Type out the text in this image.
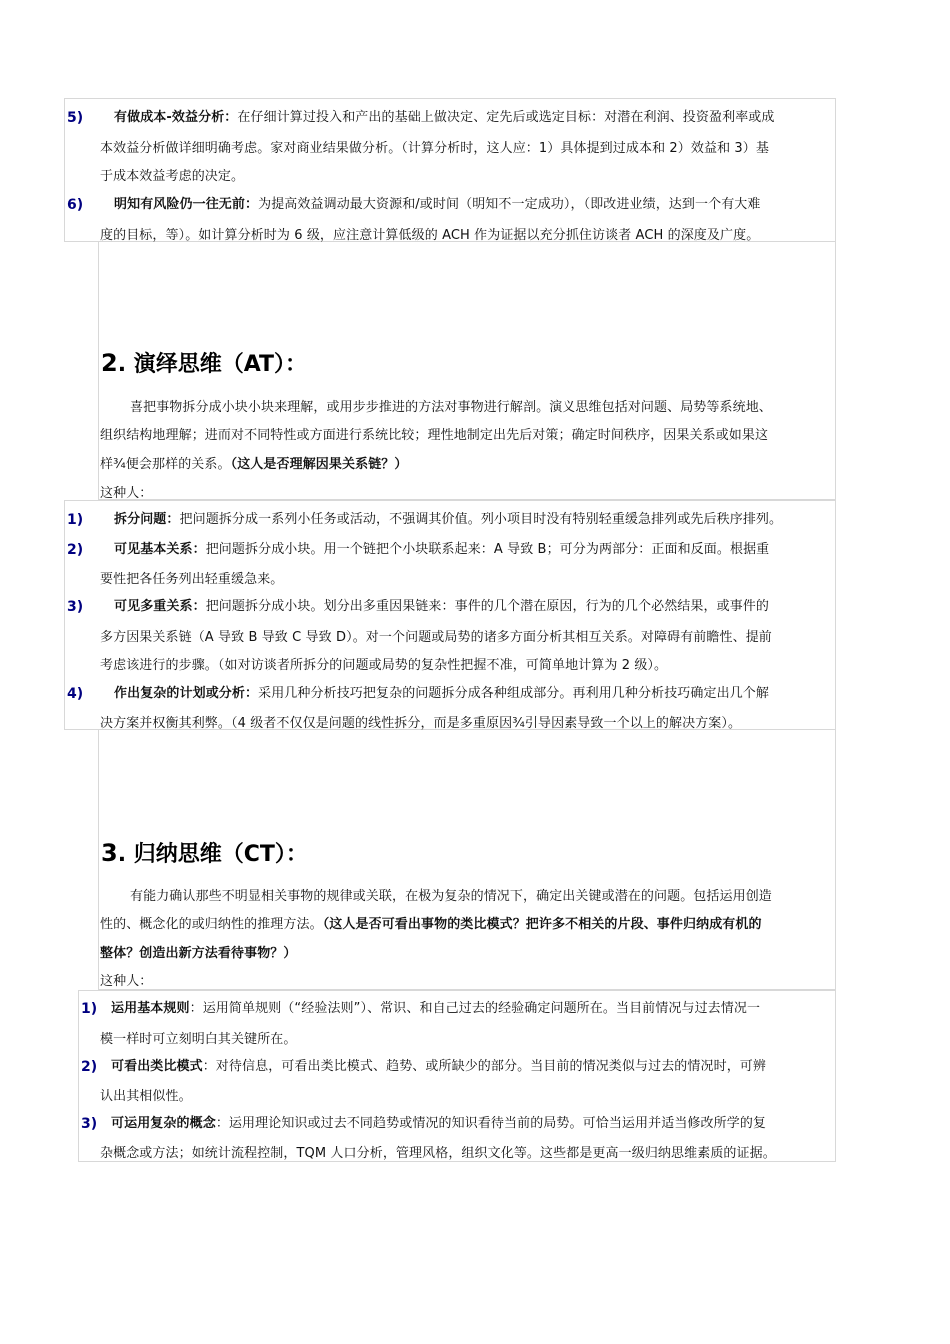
5) 有做成本-效益分析：在仔细计算过投入和产出的基础上做决定、定先后或选定目标：对潜在利润、投资盈利率或成
本效益分析做详细明确考虑。家对商业结果做分析。（计算分析时，这人应：1）具体提到过成本和 2）效益和 3）基
于成本效益考虑的决定。
6) 明知有风险仍一往无前：为提高效益调动最大资源和/或时间（明知不一定成功），（即改进业绩，达到一个有大难
度的目标，等）。如计算分析时为 6 级，应注意计算低级的 ACH 作为证据以充分抓住访谈者 ACH 的深度及广度。
2. 演绎思维（AT）：
喜把事物拆分成小块小块来理解，或用步步推进的方法对事物进行解剖。演义思维包括对问题、局势等系统地、
组织结构地理解；进而对不同特性或方面进行系统比较；理性地制定出先后对策；确定时间秩序，因果关系或如果这
样¾便会那样的关系。（这人是否理解因果关系链？）
这种人：
1) 拆分问题：把问题拆分成一系列小任务或活动，不强调其价值。列小项目时没有特别轻重缓急排列或先后秩序排列。
2) 可见基本关系：把问题拆分成小块。用一个链把个小块联系起来：A 导致 B；可分为两部分：正面和反面。根据重
要性把各任务列出轻重缓急来。
3) 可见多重关系：把问题拆分成小块。划分出多重因果链来：事件的几个潜在原因，行为的几个必然结果，或事件的
多方因果关系链（A 导致 B 导致 C 导致 D）。对一个问题或局势的诸多方面分析其相互关系。对障碍有前瞻性、提前
考虑该进行的步骤。（如对访谈者所拆分的问题或局势的复杂性把握不准，可简单地计算为 2 级）。
4) 作出复杂的计划或分析：采用几种分析技巧把复杂的问题拆分成各种组成部分。再利用几种分析技巧确定出几个解
决方案并权衡其利弊。（4 级者不仅仅是问题的线性拆分，而是多重原因¾引导因素导致一个以上的解决方案）。
3. 归纳思维（CT）：
有能力确认那些不明显相关事物的规律或关联，在极为复杂的情况下，确定出关键或潜在的问题。包括运用创造
性的、概念化的或归纳性的推理方法。（这人是否可看出事物的类比模式？把许多不相关的片段、事件归纳成有机的
整体？创造出新方法看待事物？）
这种人：
1) 运用基本规则：运用简单规则（“经验法则”）、常识、和自己过去的经验确定问题所在。当目前情况与过去情况一
模一样时可立刻明白其关键所在。
2) 可看出类比模式：对待信息，可看出类比模式、趋势、或所缺少的部分。当目前的情况类似与过去的情况时，可辨
认出其相似性。
3) 可运用复杂的概念：运用理论知识或过去不同趋势或情况的知识看待当前的局势。可恰当运用并适当修改所学的复
杂概念或方法；如统计流程控制，TQM 人口分析，管理风格，组织文化等。这些都是更高一级归纳思维素质的证据。
